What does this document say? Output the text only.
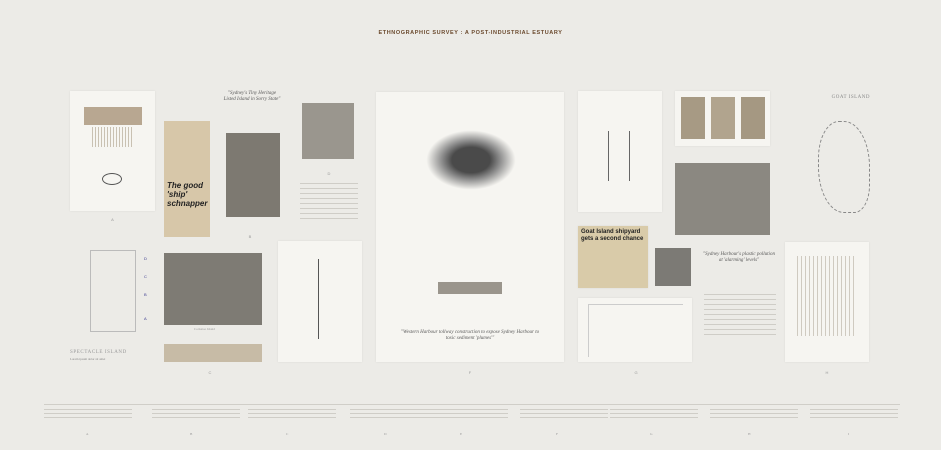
ETHNOGRAPHIC SURVEY : A POST-INDUSTRIAL ESTUARY
A
The good 'ship' schnapper
"Sydney's Tiny Heritage Listed Island in Sorry State"
B
D
"Western Harbour tollway construction to expose Sydney Harbour to toxic sediment 'plumes'"
F
GOAT ISLAND
D
C
B
A
SPECTACLE ISLAND
Lorem ipsum dolor sit amet
Cockatoo Island
C
Goat Island shipyard gets a second chance
"Sydney Harbour's plastic pollution at 'alarming' levels"
G	H
A	B	C	D	E	F	G	H	I
